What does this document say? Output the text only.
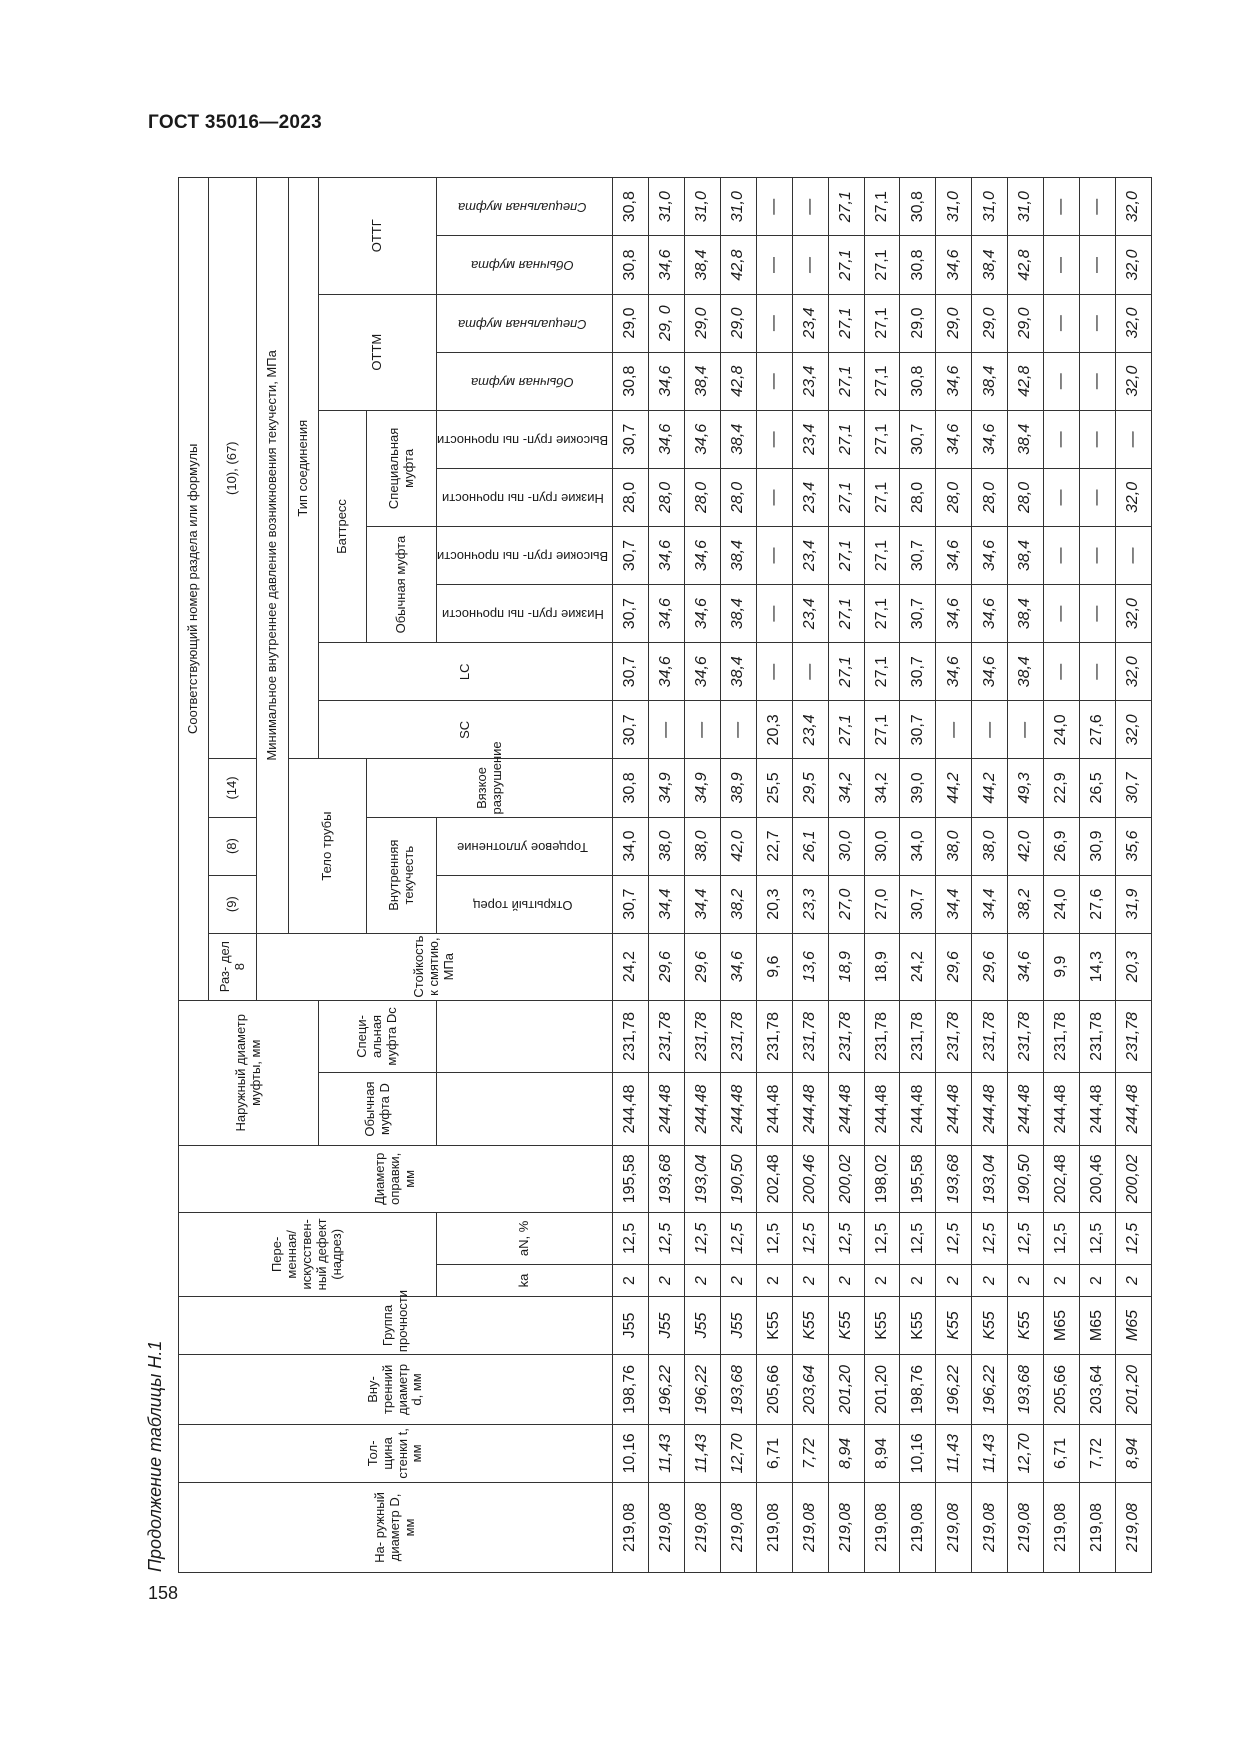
ГОСТ 35016—2023
Продолжение таблицы Н.1
158
На- ружный диаметр D, мм	Тол- щина стенки t, мм	Вну- тренний диаметр d, мм	Группа прочности	Пере- менная/ искусствен- ный дефект (надрез)		Диаметр оправки, мм	Наружный диаметр муфты, мм		Соответствующий номер раздела или формулы													
									Раз- дел 8	(9)	(8)	(14)	(10), (67)									
									Стойкость к смятию, МПа	Минимальное внутреннее давление возникновения текучести, МПа												
										Тело трубы			Тип соединения									
							Обычная муфта D	Специ- альная муфта Dc					SC	LC	Баттресс				ОТТМ		ОТТГ	
										Внутренняя текучесть		Вязкое разрушение			Обычная муфта		Специальная муфта					
				ka	aN, %					Открытый торец	Торцевое уплотнение				Низкие груп- пы прочности	Высокие груп- пы прочности	Низкие груп- пы прочности	Высокие груп- пы прочности	Обычная муфта	Специальная муфта	Обычная муфта	Специальная муфта
219,08	10,16	198,76	J55	2	12,5	195,58	244,48	231,78	24,2	30,7	34,0	30,8	30,7	30,7	30,7	30,7	28,0	30,7	30,8	29,0	30,8	30,8
219,08	11,43	196,22	J55	2	12,5	193,68	244,48	231,78	29,6	34,4	38,0	34,9	—	34,6	34,6	34,6	28,0	34,6	34,6	29, 0	34,6	31,0
219,08	11,43	196,22	J55	2	12,5	193,04	244,48	231,78	29,6	34,4	38,0	34,9	—	34,6	34,6	34,6	28,0	34,6	38,4	29,0	38,4	31,0
219,08	12,70	193,68	J55	2	12,5	190,50	244,48	231,78	34,6	38,2	42,0	38,9	—	38,4	38,4	38,4	28,0	38,4	42,8	29,0	42,8	31,0
219,08	6,71	205,66	K55	2	12,5	202,48	244,48	231,78	9,6	20,3	22,7	25,5	20,3	—	—	—	—	—	—	—	—	—
219,08	7,72	203,64	K55	2	12,5	200,46	244,48	231,78	13,6	23,3	26,1	29,5	23,4	—	23,4	23,4	23,4	23,4	23,4	23,4	—	—
219,08	8,94	201,20	K55	2	12,5	200,02	244,48	231,78	18,9	27,0	30,0	34,2	27,1	27,1	27,1	27,1	27,1	27,1	27,1	27,1	27,1	27,1
219,08	8,94	201,20	K55	2	12,5	198,02	244,48	231,78	18,9	27,0	30,0	34,2	27,1	27,1	27,1	27,1	27,1	27,1	27,1	27,1	27,1	27,1
219,08	10,16	198,76	K55	2	12,5	195,58	244,48	231,78	24,2	30,7	34,0	39,0	30,7	30,7	30,7	30,7	28,0	30,7	30,8	29,0	30,8	30,8
219,08	11,43	196,22	K55	2	12,5	193,68	244,48	231,78	29,6	34,4	38,0	44,2	—	34,6	34,6	34,6	28,0	34,6	34,6	29,0	34,6	31,0
219,08	11,43	196,22	K55	2	12,5	193,04	244,48	231,78	29,6	34,4	38,0	44,2	—	34,6	34,6	34,6	28,0	34,6	38,4	29,0	38,4	31,0
219,08	12,70	193,68	K55	2	12,5	190,50	244,48	231,78	34,6	38,2	42,0	49,3	—	38,4	38,4	38,4	28,0	38,4	42,8	29,0	42,8	31,0
219,08	6,71	205,66	M65	2	12,5	202,48	244,48	231,78	9,9	24,0	26,9	22,9	24,0	—	—	—	—	—	—	—	—	—
219,08	7,72	203,64	M65	2	12,5	200,46	244,48	231,78	14,3	27,6	30,9	26,5	27,6	—	—	—	—	—	—	—	—	—
219,08	8,94	201,20	M65	2	12,5	200,02	244,48	231,78	20,3	31,9	35,6	30,7	32,0	32,0	32,0	—	32,0	—	32,0	32,0	32,0	32,0
